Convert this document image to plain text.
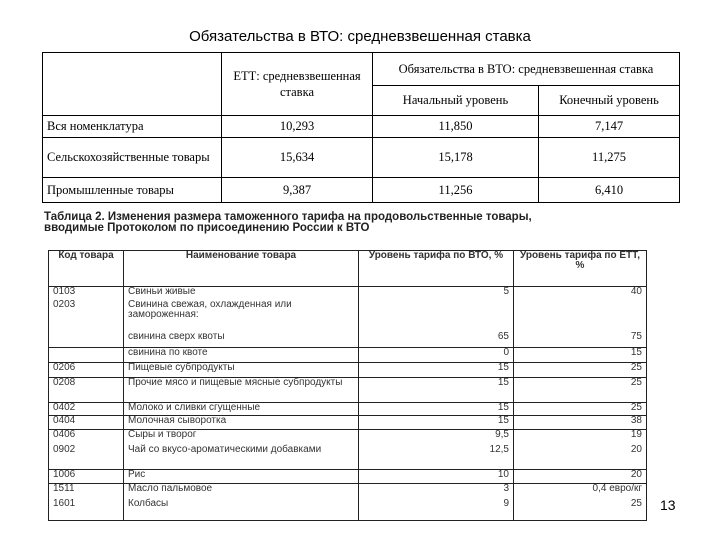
Обязательства в ВТО: средневзвешенная ставка
	ЕТТ: средневзвешенная ставка	Обязательства в ВТО: средневзвешенная ставка	
		Начальный уровень	Конечный уровень
Вся номенклатура	10,293	11,850	7,147
Сельскохозяйственные товары	15,634	15,178	11,275
Промышленные товары	9,387	11,256	6,410
Таблица 2. Изменения размера таможенного тарифа на продовольственные товары, вводимые Протоколом по присоединению России к ВТО
Код товара	Наименование товара	Уровень тарифа по ВТО, %	Уровень тарифа по ЕТТ, %
0103	Свиньи живые	5	40
0203	Свинина свежая, охлажденная или замороженная:		
	свинина сверх квоты	65	75
	свинина по квоте	0	15
0206	Пищевые субпродукты	15	25
0208	Прочие мясо и пищевые мясные субпродукты	15	25
0402	Молоко и сливки сгущенные	15	25
0404	Молочная сыворотка	15	38
0406	Сыры и творог	9,5	19
0902	Чай со вкусо-ароматическими добавками	12,5	20
1006	Рис	10	20
1511	Масло пальмовое	3	0,4 евро/кг
1601	Колбасы	9	25 13
